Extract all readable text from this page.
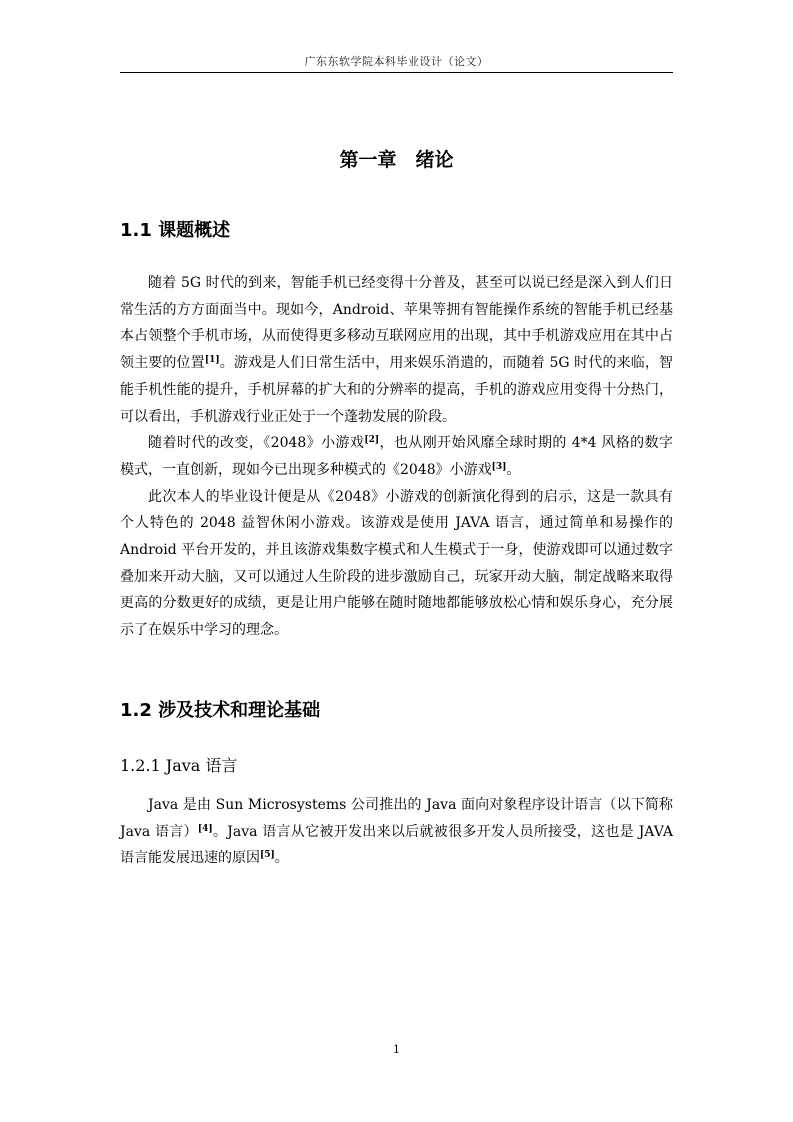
广东东软学院本科毕业设计（论文）
第一章　绪论
1.1 课题概述

随着 5G 时代的到来，智能手机已经变得十分普及，甚至可以说已经是深入到人们日常生活的方方面面当中。现如今，Android、苹果等拥有智能操作系统的智能手机已经基本占领整个手机市场，从而使得更多移动互联网应用的出现，其中手机游戏应用在其中占领主要的位置[1]。游戏是人们日常生活中，用来娱乐消遣的，而随着 5G 时代的来临，智能手机性能的提升，手机屏幕的扩大和的分辨率的提高，手机的游戏应用变得十分热门，可以看出，手机游戏行业正处于一个蓬勃发展的阶段。

随着时代的改变，《2048》小游戏[2]，也从刚开始风靡全球时期的 4*4 风格的数字模式，一直创新，现如今已出现多种模式的《2048》小游戏[3]。

此次本人的毕业设计便是从《2048》小游戏的创新演化得到的启示，这是一款具有个人特色的 2048 益智休闲小游戏。该游戏是使用 JAVA 语言，通过简单和易操作的 Android 平台开发的，并且该游戏集数字模式和人生模式于一身，使游戏即可以通过数字叠加来开动大脑，又可以通过人生阶段的进步激励自己，玩家开动大脑，制定战略来取得更高的分数更好的成绩，更是让用户能够在随时随地都能够放松心情和娱乐身心，充分展示了在娱乐中学习的理念。

1.2 涉及技术和理论基础
1.2.1 Java 语言

Java 是由 Sun Microsystems 公司推出的 Java 面向对象程序设计语言（以下简称 Java 语言）[4]。Java 语言从它被开发出来以后就被很多开发人员所接受，这也是 JAVA 语言能发展迅速的原因[5]。

1
